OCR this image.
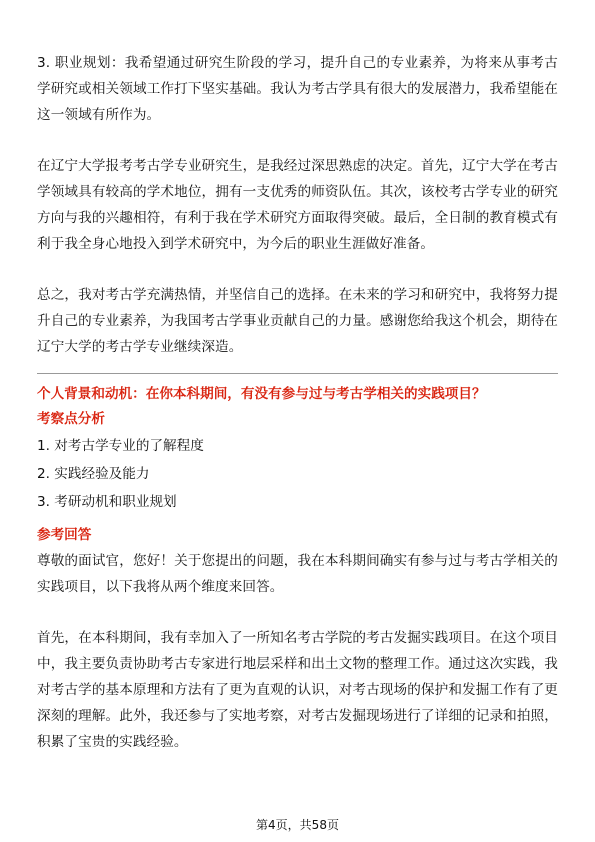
3. 职业规划：我希望通过研究生阶段的学习，提升自己的专业素养，为将来从事考古学研究或相关领域工作打下坚实基础。我认为考古学具有很大的发展潜力，我希望能在这一领域有所作为。

在辽宁大学报考考古学专业研究生，是我经过深思熟虑的决定。首先，辽宁大学在考古学领域具有较高的学术地位，拥有一支优秀的师资队伍。其次，该校考古学专业的研究方向与我的兴趣相符，有利于我在学术研究方面取得突破。最后，全日制的教育模式有利于我全身心地投入到学术研究中，为今后的职业生涯做好准备。

总之，我对考古学充满热情，并坚信自己的选择。在未来的学习和研究中，我将努力提升自己的专业素养，为我国考古学事业贡献自己的力量。感谢您给我这个机会，期待在辽宁大学的考古学专业继续深造。

个人背景和动机：在你本科期间，有没有参与过与考古学相关的实践项目？

考察点分析

1. 对考古学专业的了解程度

2. 实践经验及能力

3. 考研动机和职业规划

参考回答

尊敬的面试官，您好！关于您提出的问题，我在本科期间确实有参与过与考古学相关的实践项目，以下我将从两个维度来回答。

首先，在本科期间，我有幸加入了一所知名考古学院的考古发掘实践项目。在这个项目中，我主要负责协助考古专家进行地层采样和出土文物的整理工作。通过这次实践，我对考古学的基本原理和方法有了更为直观的认识，对考古现场的保护和发掘工作有了更深刻的理解。此外，我还参与了实地考察，对考古发掘现场进行了详细的记录和拍照，积累了宝贵的实践经验。

第4页，共58页
